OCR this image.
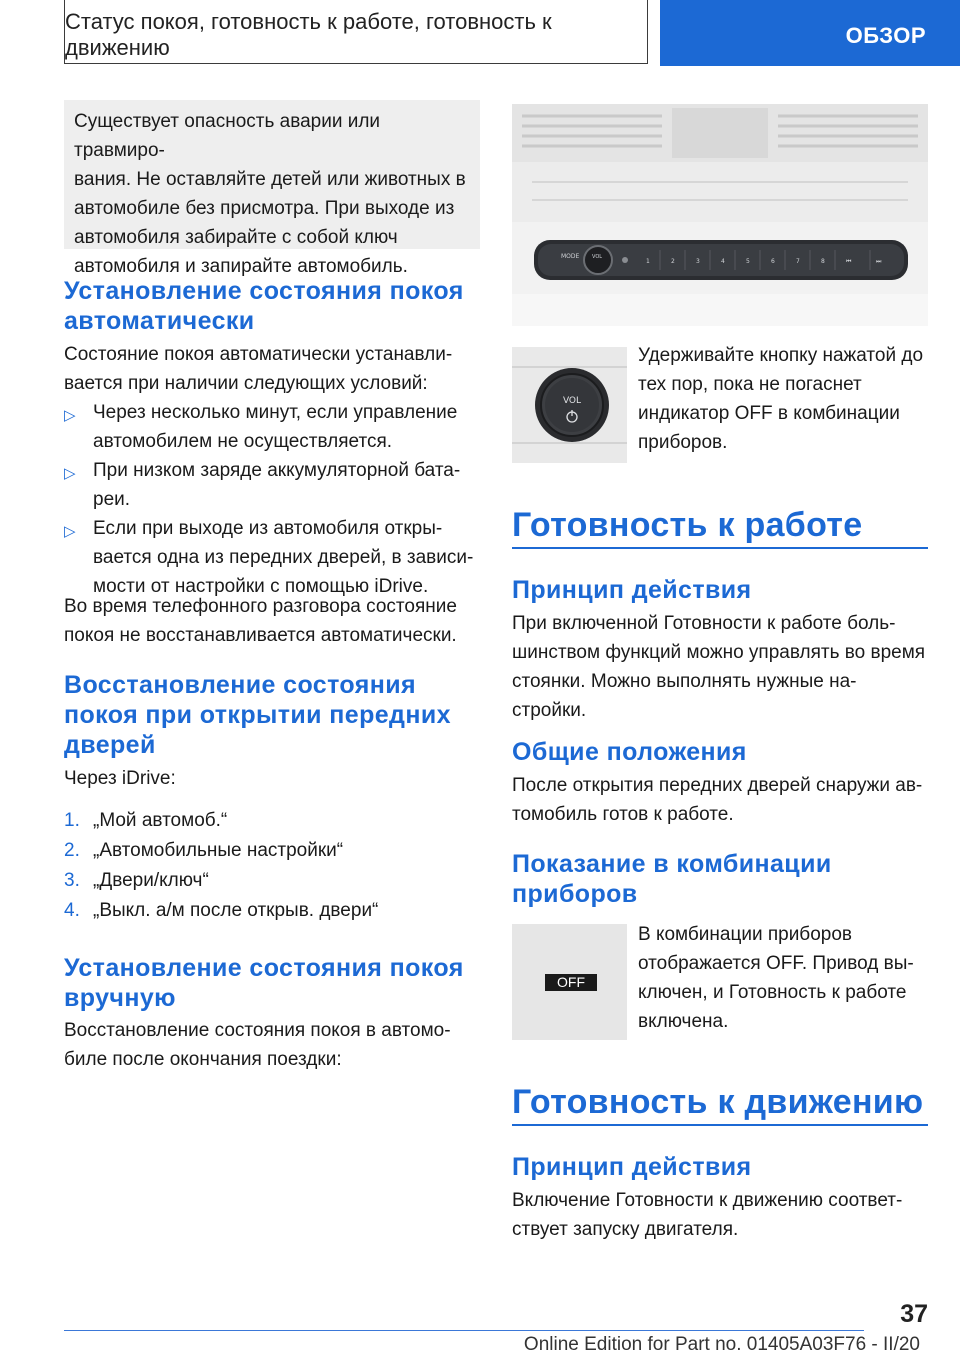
Статус покоя, готовность к работе, готовность к движению	ОБЗОР
Существует опасность аварии или травмиро-
вания. Не оставляйте детей или животных в
автомобиле без присмотра. При выходе из
автомобиля забирайте с собой ключ
автомобиля и запирайте автомобиль.
Установление состояния покоя
автоматически
Состояние покоя автоматически устанавли-
вается при наличии следующих условий:
▷ Через несколько минут, если управление
автомобилем не осуществляется.
▷ При низком заряде аккумуляторной бата-
реи.
▷ Если при выходе из автомобиля откры-
вается одна из передних дверей, в зависи-
мости от настройки с помощью iDrive.
Во время телефонного разговора состояние
покоя не восстанавливается автоматически.
Восстановление состояния
покоя при открытии передних
дверей
Через iDrive:
1. „Мой автомоб.“
2. „Автомобильные настройки“
3. „Двери/ключ“
4. „Выкл. а/м после открыв. двери“
Установление состояния покоя
вручную
Восстановление состояния покоя в автомо-
биле после окончания поездки:
MODE	VOL
1	2	3	4	5	6	7	8	⏮	⏭
VOL
Удерживайте кнопку нажатой до
тех пор, пока не погаснет
индикатор OFF в комбинации
приборов.
Готовность к работе
Принцип действия
При включенной Готовности к работе боль-
шинством функций можно управлять во время
стоянки. Можно выполнять нужные на-
стройки.
Общие положения
После открытия передних дверей снаружи ав-
томобиль готов к работе.
Показание в комбинации
приборов
OFF
В комбинации приборов
отображается OFF. Привод вы-
ключен, и Готовность к работе
включена.
Готовность к движению
Принцип действия
Включение Готовности к движению соответ-
ствует запуску двигателя.
37
Online Edition for Part no. 01405A03F76 - II/20
